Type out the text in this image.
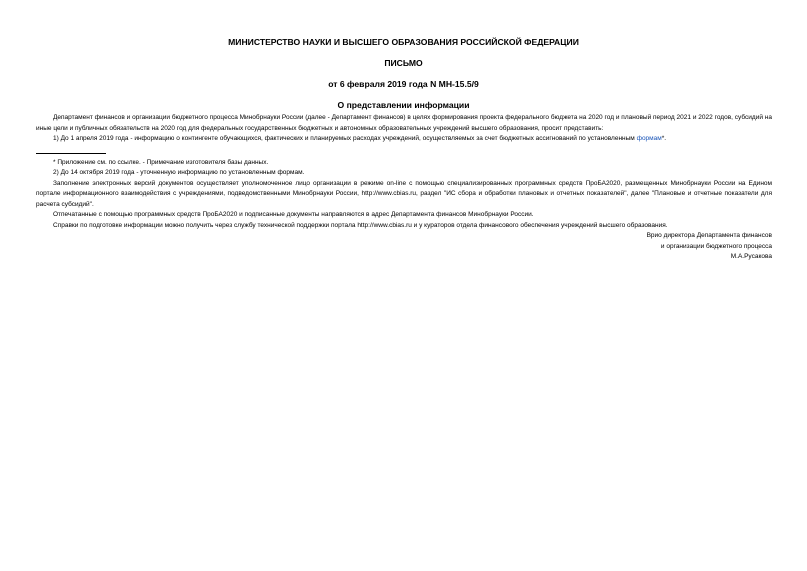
МИНИСТЕРСТВО НАУКИ И ВЫСШЕГО ОБРАЗОВАНИЯ РОССИЙСКОЙ ФЕДЕРАЦИИ
ПИСЬМО
от 6 февраля 2019 года N МН-15.5/9
О представлении информации

Департамент финансов и организации бюджетного процесса Минобрнауки России (далее - Департамент финансов) в целях формирования проекта федерального бюджета на 2020 год и плановый период 2021 и 2022 годов, субсидий на иные цели и публичных обязательств на 2020 год для федеральных государственных бюджетных и автономных образовательных учреждений высшего образования, просит представить:

1) До 1 апреля 2019 года - информацию о контингенте обучающихся, фактических и планируемых расходах учреждений, осуществляемых за счет бюджетных ассигнований по установленным формам*.

* Приложение см. по ссылке. - Примечание изготовителя базы данных.

2) До 14 октября 2019 года - уточненную информацию по установленным формам.

Заполнение электронных версий документов осуществляет уполномоченное лицо организации в режиме on-line с помощью специализированных программных средств ПроБА2020, размещенных Минобрнауки России на Едином портале информационного взаимодействия с учреждениями, подведомственными Минобрнауки России, http://www.cbias.ru, раздел "ИС сбора и обработки плановых и отчетных показателей", далее "Плановые и отчетные показатели для расчета субсидий".

Отпечатанные с помощью программных средств ПроБА2020 и подписанные документы направляются в адрес Департамента финансов Минобрнауки России.

Справки по подготовке информации можно получить через службу технической поддержки портала http://www.cbias.ru и у кураторов отдела финансового обеспечения учреждений высшего образования.

Врио директора Департамента финансов
и организации бюджетного процесса
М.А.Русакова
